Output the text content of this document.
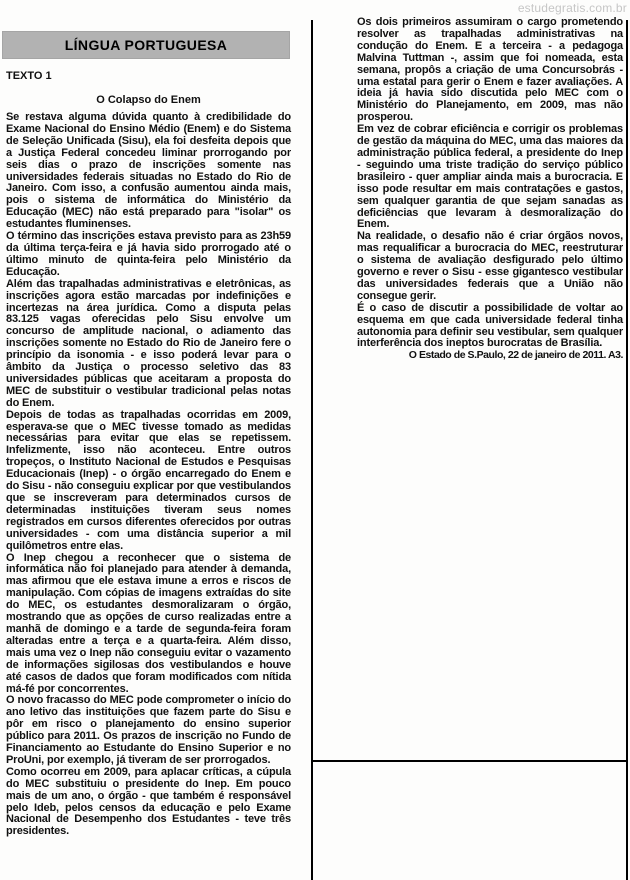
estudegratis.com.br
LÍNGUA PORTUGUESA
TEXTO 1
O Colapso do Enem

Se restava alguma dúvida quanto à credibilidade do Exame Nacional do Ensino Médio (Enem) e do Sistema de Seleção Unificada (Sisu), ela foi desfeita depois que a Justiça Federal concedeu liminar prorrogando por seis dias o prazo de inscrições somente nas universidades federais situadas no Estado do Rio de Janeiro. Com isso, a confusão aumentou ainda mais, pois o sistema de informática do Ministério da Educação (MEC) não está preparado para "isolar" os estudantes fluminenses.

O término das inscrições estava previsto para as 23h59 da última terça-feira e já havia sido prorrogado até o último minuto de quinta-feira pelo Ministério da Educação.

Além das trapalhadas administrativas e eletrônicas, as inscrições agora estão marcadas por indefinições e incertezas na área jurídica. Como a disputa pelas 83.125 vagas oferecidas pelo Sisu envolve um concurso de amplitude nacional, o adiamento das inscrições somente no Estado do Rio de Janeiro fere o princípio da isonomia - e isso poderá levar para o âmbito da Justiça o processo seletivo das 83 universidades públicas que aceitaram a proposta do MEC de substituir o vestibular tradicional pelas notas do Enem.

Depois de todas as trapalhadas ocorridas em 2009, esperava-se que o MEC tivesse tomado as medidas necessárias para evitar que elas se repetissem. Infelizmente, isso não aconteceu. Entre outros tropeços, o Instituto Nacional de Estudos e Pesquisas Educacionais (Inep) - o órgão encarregado do Enem e do Sisu - não conseguiu explicar por que vestibulandos que se inscreveram para determinados cursos de determinadas instituições tiveram seus nomes registrados em cursos diferentes oferecidos por outras universidades - com uma distância superior a mil quilômetros entre elas.

O Inep chegou a reconhecer que o sistema de informática não foi planejado para atender à demanda, mas afirmou que ele estava imune a erros e riscos de manipulação. Com cópias de imagens extraídas do site do MEC, os estudantes desmoralizaram o órgão, mostrando que as opções de curso realizadas entre a manhã de domingo e a tarde de segunda-feira foram alteradas entre a terça e a quarta-feira. Além disso, mais uma vez o Inep não conseguiu evitar o vazamento de informações sigilosas dos vestibulandos e houve até casos de dados que foram modificados com nítida má-fé por concorrentes.

O novo fracasso do MEC pode comprometer o início do ano letivo das instituições que fazem parte do Sisu e pôr em risco o planejamento do ensino superior público para 2011. Os prazos de inscrição no Fundo de Financiamento ao Estudante do Ensino Superior e no ProUni, por exemplo, já tiveram de ser prorrogados.

Como ocorreu em 2009, para aplacar críticas, a cúpula do MEC substituiu o presidente do Inep. Em pouco mais de um ano, o órgão - que também é responsável pelo Ideb, pelos censos da educação e pelo Exame Nacional de Desempenho dos Estudantes - teve três presidentes.

Os dois primeiros assumiram o cargo prometendo resolver as trapalhadas administrativas na condução do Enem. E a terceira - a pedagoga Malvina Tuttman -, assim que foi nomeada, esta semana, propôs a criação de uma Concursobrás - uma estatal para gerir o Enem e fazer avaliações. A ideia já havia sido discutida pelo MEC com o Ministério do Planejamento, em 2009, mas não prosperou.

Em vez de cobrar eficiência e corrigir os problemas de gestão da máquina do MEC, uma das maiores da administração pública federal, a presidente do Inep - seguindo uma triste tradição do serviço público brasileiro - quer ampliar ainda mais a burocracia. E isso pode resultar em mais contratações e gastos, sem qualquer garantia de que sejam sanadas as deficiências que levaram à desmoralização do Enem.

Na realidade, o desafio não é criar órgãos novos, mas requalificar a burocracia do MEC, reestruturar o sistema de avaliação desfigurado pelo último governo e rever o Sisu - esse gigantesco vestibular das universidades federais que a União não consegue gerir.

É o caso de discutir a possibilidade de voltar ao esquema em que cada universidade federal tinha autonomia para definir seu vestibular, sem qualquer interferência dos ineptos burocratas de Brasília.

O Estado de S.Paulo, 22 de janeiro de 2011. A3.
